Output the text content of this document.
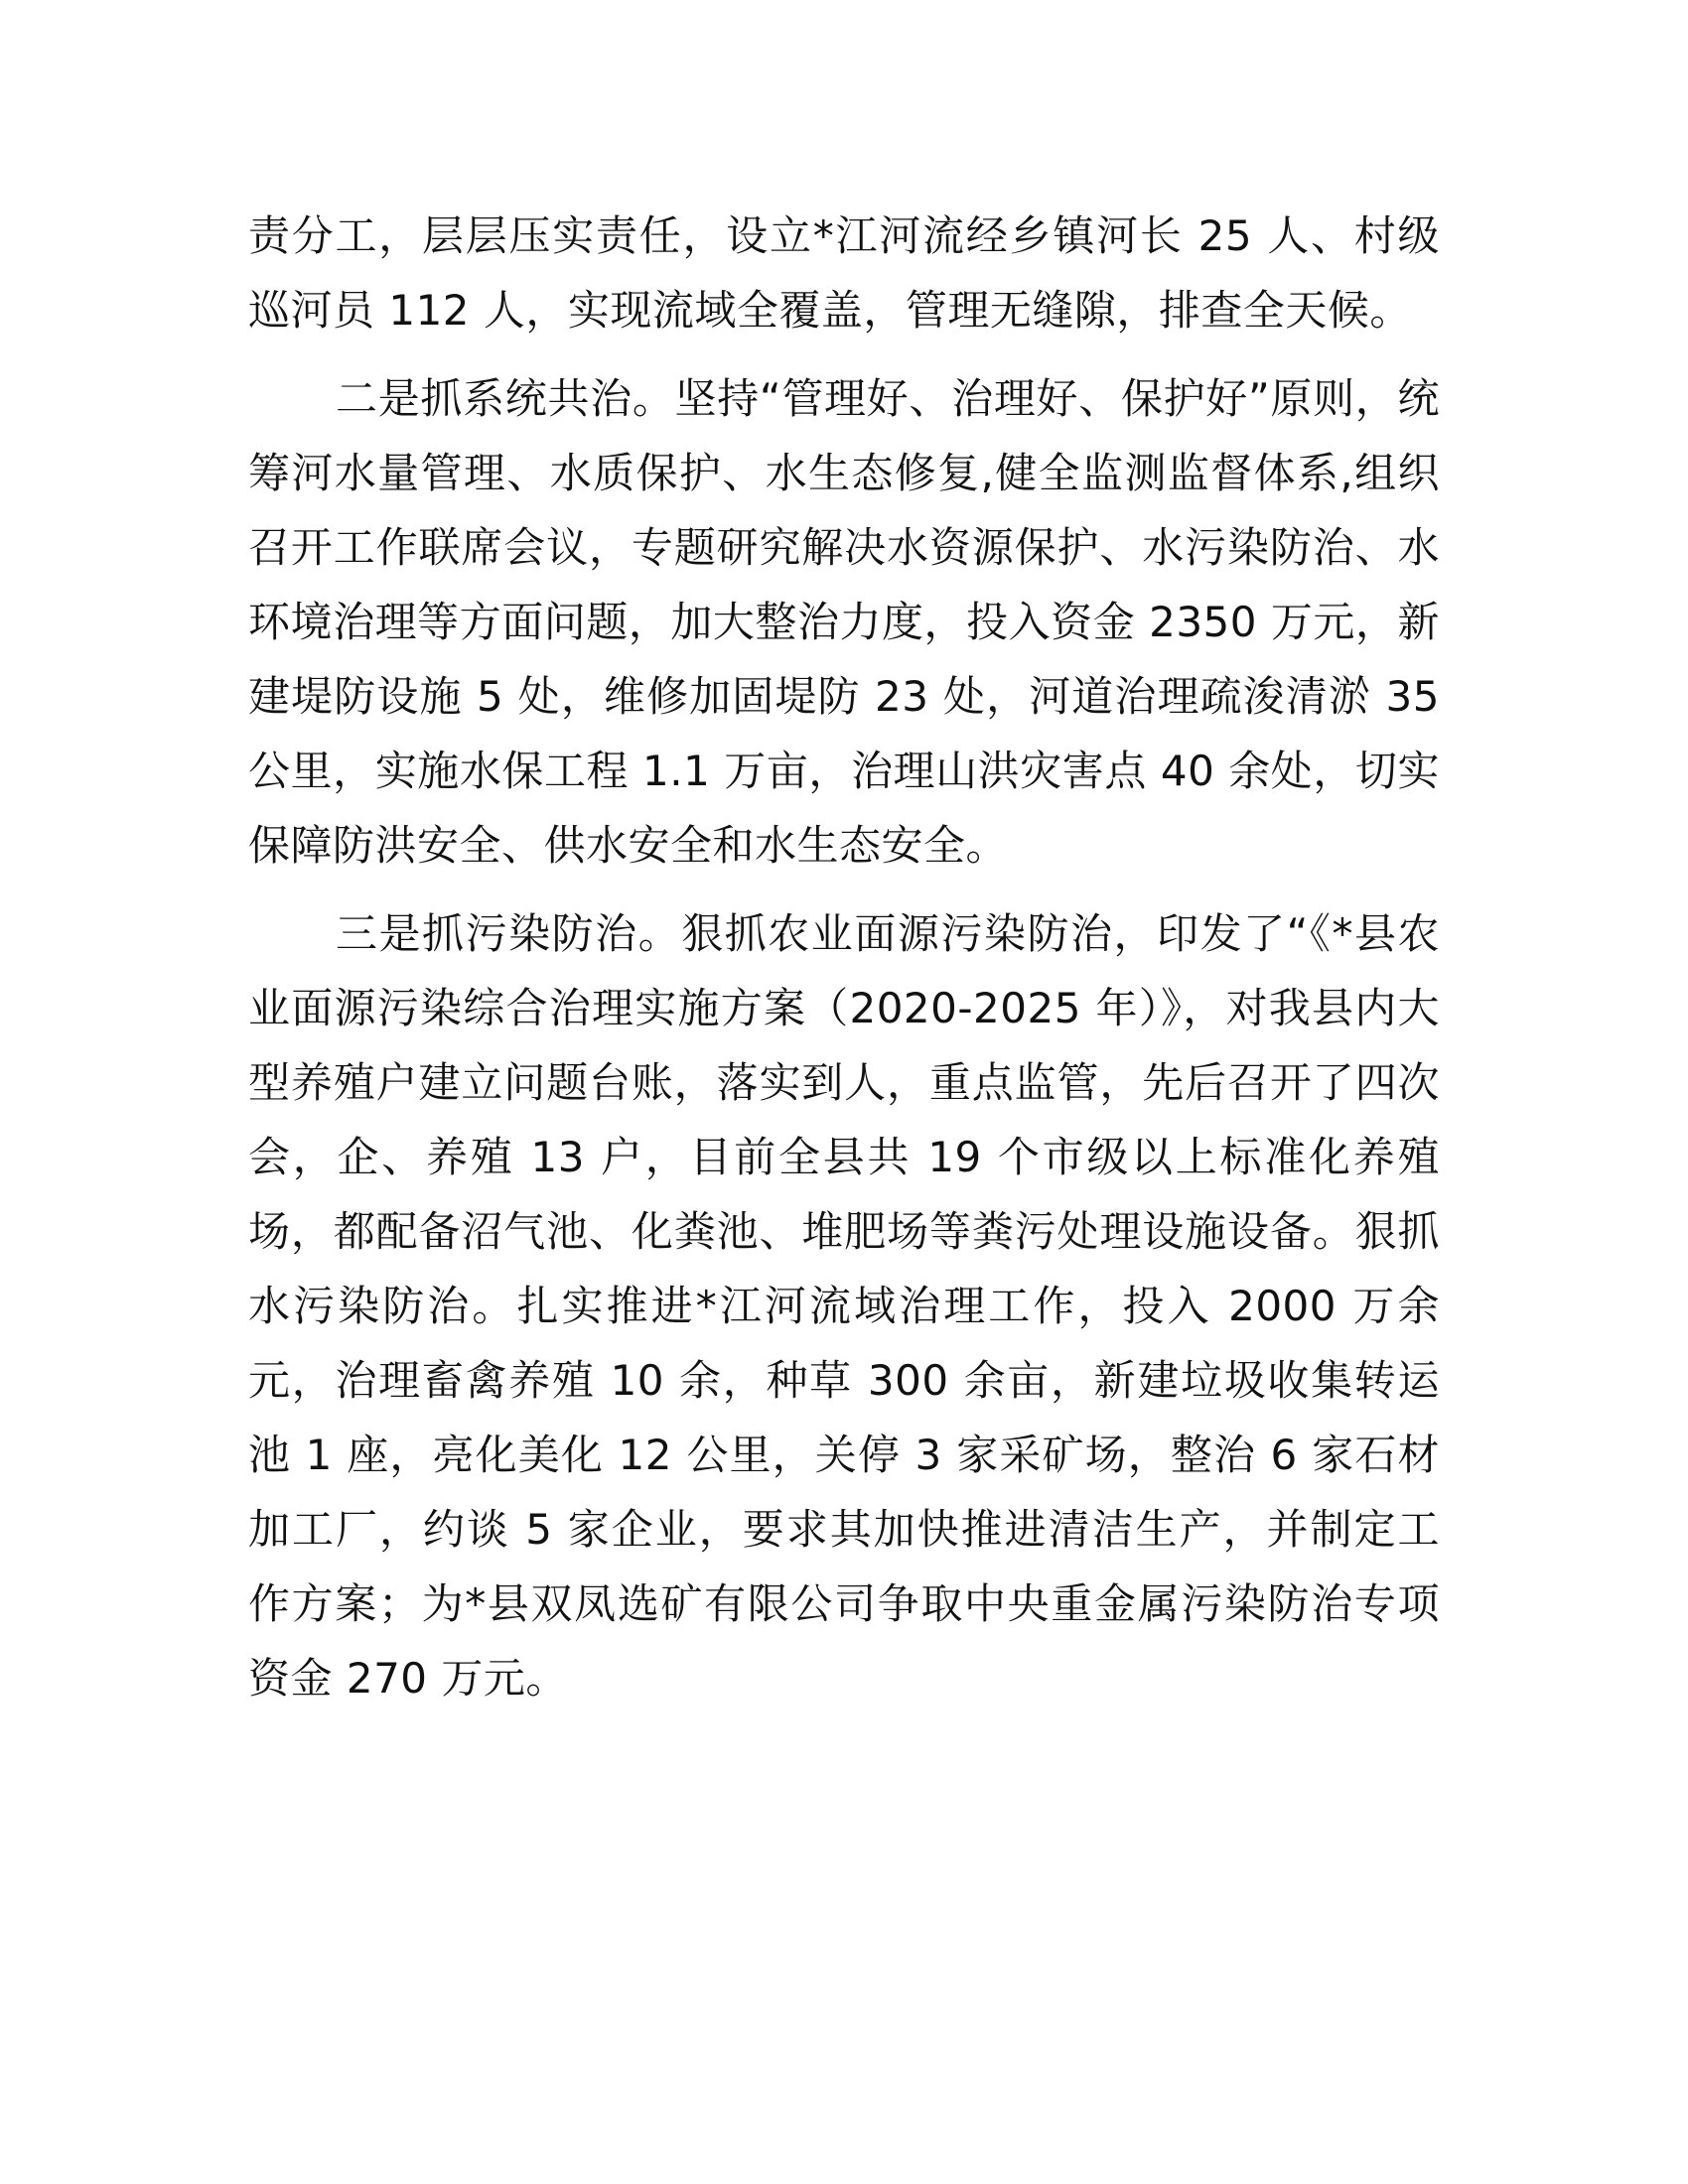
责分工，层层压实责任，设立*江河流经乡镇河长 25 人、村级巡河员 112 人，实现流域全覆盖，管理无缝隙，排查全天候。

二是抓系统共治。坚持“管理好、治理好、保护好”原则，统筹河水量管理、水质保护、水生态修复,健全监测监督体系,组织召开工作联席会议，专题研究解决水资源保护、水污染防治、水环境治理等方面问题，加大整治力度，投入资金 2350 万元，新建堤防设施 5 处，维修加固堤防 23 处，河道治理疏浚清淤 35 公里，实施水保工程 1.1 万亩，治理山洪灾害点 40 余处，切实保障防洪安全、供水安全和水生态安全。

三是抓污染防治。狠抓农业面源污染防治，印发了“《*县农业面源污染综合治理实施方案（2020-2025 年）》，对我县内大型养殖户建立问题台账，落实到人，重点监管，先后召开了四次会，企、养殖 13 户，目前全县共 19 个市级以上标准化养殖场，都配备沼气池、化粪池、堆肥场等粪污处理设施设备。狠抓水污染防治。扎实推进*江河流域治理工作，投入 2000 万余元，治理畜禽养殖 10 余，种草 300 余亩，新建垃圾收集转运池 1 座，亮化美化 12 公里，关停 3 家采矿场，整治 6 家石材加工厂，约谈 5 家企业，要求其加快推进清洁生产，并制定工作方案；为*县双凤选矿有限公司争取中央重金属污染防治专项资金 270 万元。
